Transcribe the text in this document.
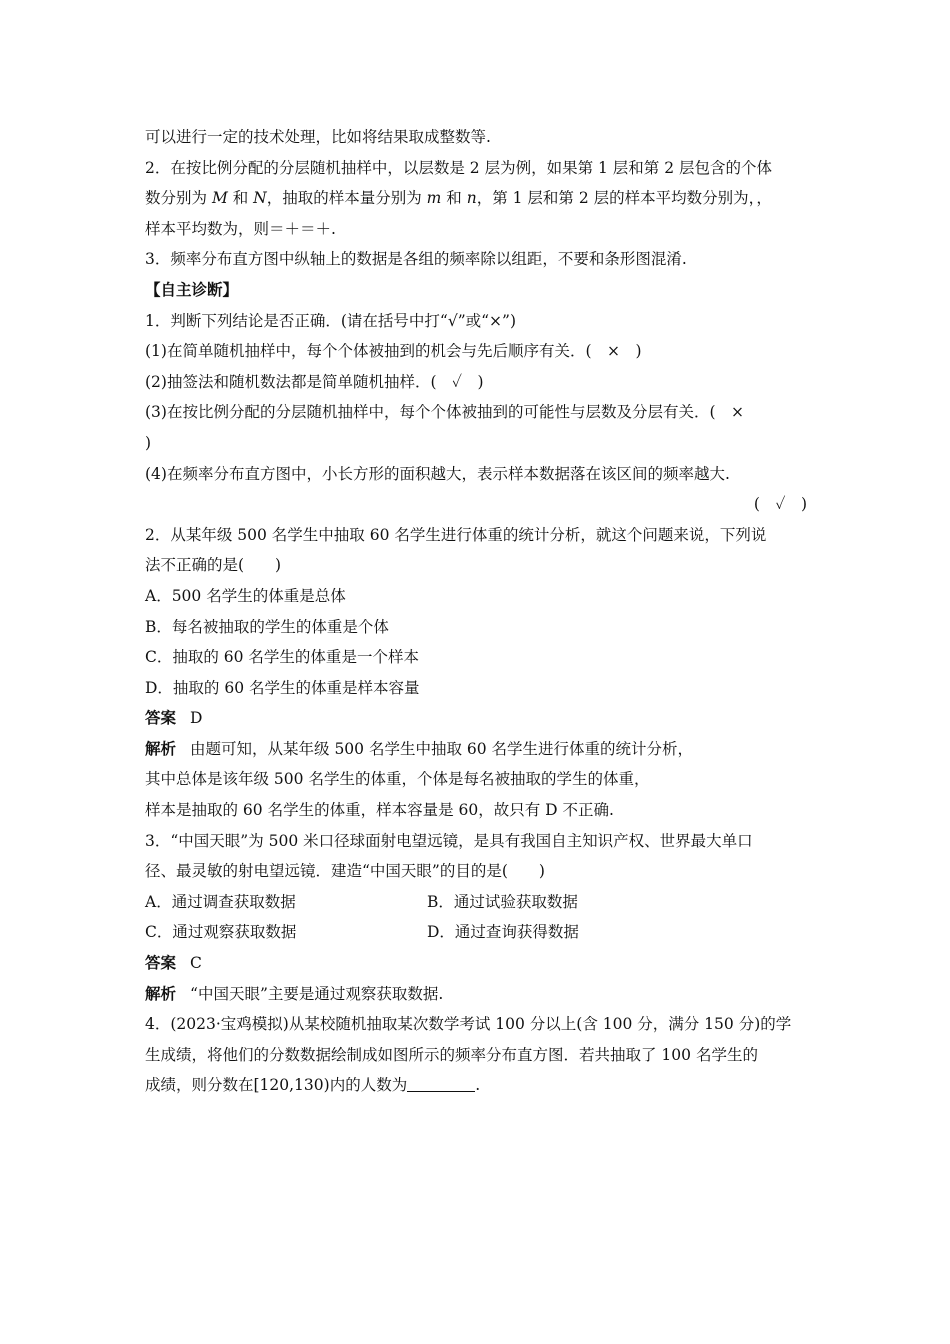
可以进行一定的技术处理，比如将结果取成整数等.
2．在按比例分配的分层随机抽样中，以层数是 2 层为例，如果第 1 层和第 2 层包含的个体
数分别为 M 和 N，抽取的样本量分别为 m 和 n，第 1 层和第 2 层的样本平均数分别为，，
样本平均数为，则＝＋＝＋.
3．频率分布直方图中纵轴上的数据是各组的频率除以组距，不要和条形图混淆.
【自主诊断】
1．判断下列结论是否正确．(请在括号中打“√”或“×”)
(1)在简单随机抽样中，每个个体被抽到的机会与先后顺序有关．(　×　)
(2)抽签法和随机数法都是简单随机抽样．(　✓　)
(3)在按比例分配的分层随机抽样中，每个个体被抽到的可能性与层数及分层有关．(　×
)
(4)在频率分布直方图中，小长方形的面积越大，表示样本数据落在该区间的频率越大.
(　✓　)
2．从某年级 500 名学生中抽取 60 名学生进行体重的统计分析，就这个问题来说，下列说
法不正确的是(　　)
A．500 名学生的体重是总体
B．每名被抽取的学生的体重是个体
C．抽取的 60 名学生的体重是一个样本
D．抽取的 60 名学生的体重是样本容量
答案 D
解析 由题可知，从某年级 500 名学生中抽取 60 名学生进行体重的统计分析，
其中总体是该年级 500 名学生的体重，个体是每名被抽取的学生的体重，
样本是抽取的 60 名学生的体重，样本容量是 60，故只有 D 不正确.
3．“中国天眼”为 500 米口径球面射电望远镜，是具有我国自主知识产权、世界最大单口
径、最灵敏的射电望远镜．建造“中国天眼”的目的是(　　)
A．通过调查获取数据	B．通过试验获取数据
C．通过观察获取数据	D．通过查询获得数据
答案 C
解析 “中国天眼”主要是通过观察获取数据.
4．(2023·宝鸡模拟)从某校随机抽取某次数学考试 100 分以上(含 100 分，满分 150 分)的学
生成绩，将他们的分数数据绘制成如图所示的频率分布直方图．若共抽取了 100 名学生的
成绩，则分数在[120,130)内的人数为	.
